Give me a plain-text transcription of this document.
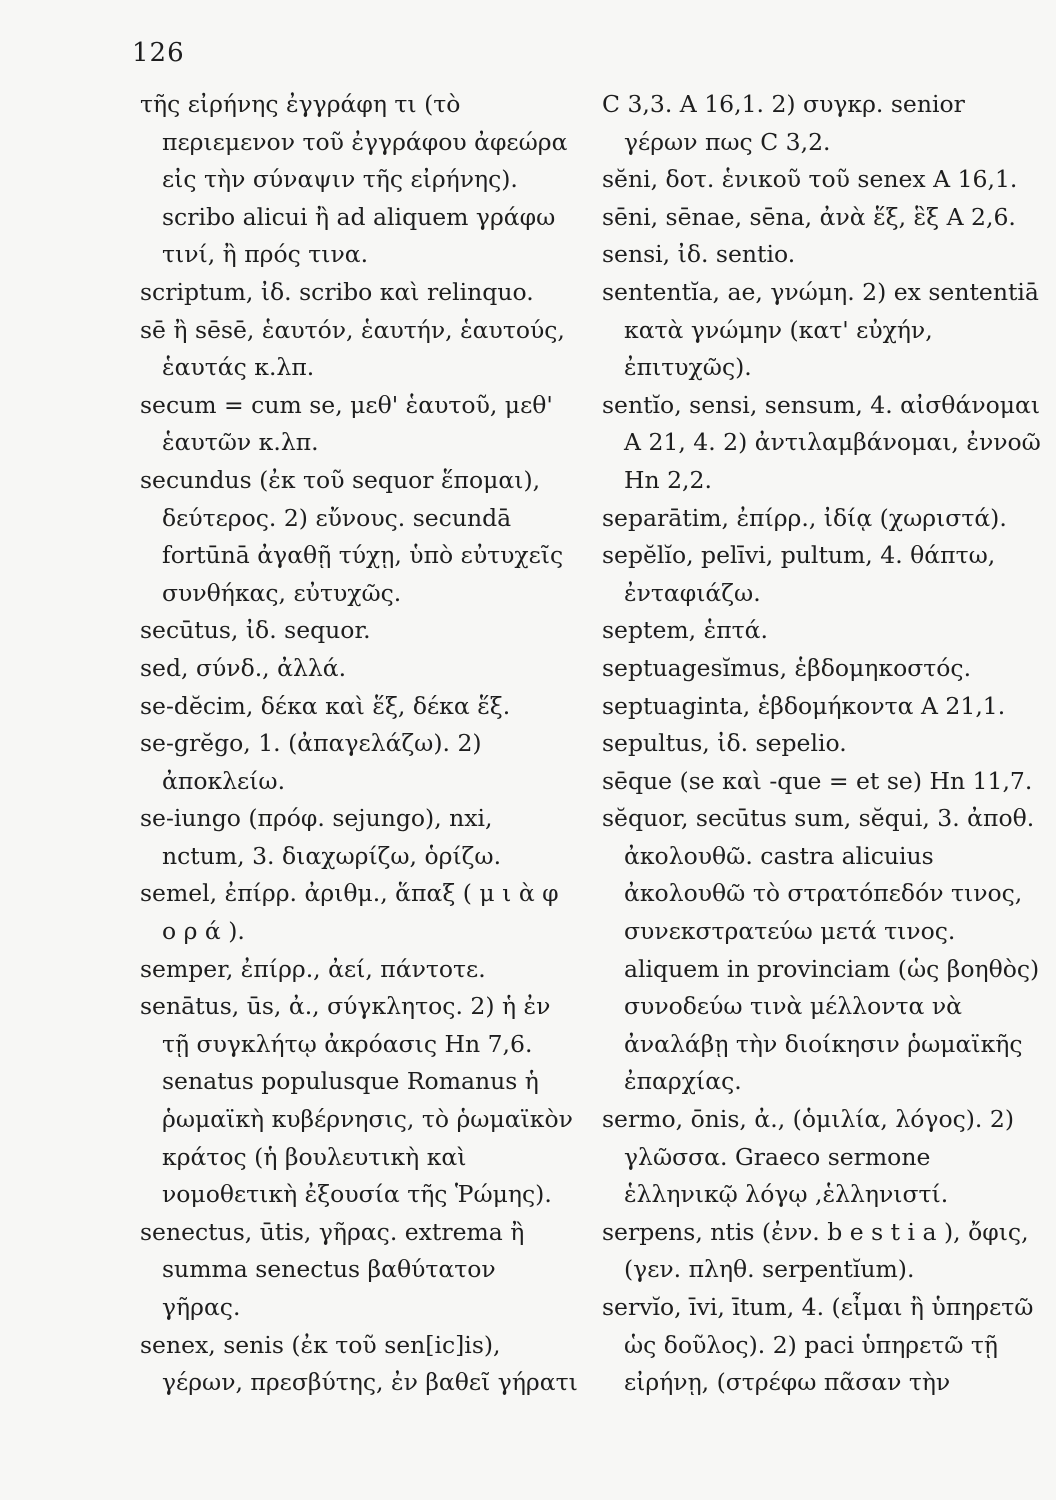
126

τῆς εἰρήνης ἐγγράφη τι (τὸ περιεμενον τοῦ ἐγγράφου ἀφεώρα εἰς τὴν σύναψιν τῆς εἰρήνης). scribo alicui ἢ ad aliquem γράφω τινί, ἢ πρός τινα.

scriptum, ἰδ. scribo καὶ relinquo.

sē ἢ sēsē, ἑαυτόν, ἑαυτήν, ἑαυτούς, ἑαυτάς κ.λπ.

secum = cum se, μεθ' ἑαυτοῦ, μεθ' ἑαυτῶν κ.λπ.

secundus (ἐκ τοῦ sequor ἕπομαι), δεύτερος. 2) εὔνους. secundā fortūnā ἀγαθῇ τύχῃ, ὑπὸ εὐτυχεῖς συνθήκας, εὐτυχῶς.

secūtus, ἰδ. sequor.

sed, σύνδ., ἀλλά.

se-dĕcim, δέκα καὶ ἕξ, δέκα ἕξ.

se-grĕgo, 1. (ἀπαγελάζω). 2) ἀποκλείω.

se-iungo (πρόφ. sejungo), nxi, nctum, 3. διαχωρίζω, ὁρίζω.

semel, ἐπίρρ. ἀριθμ., ἅπαξ ( μ ι ὰ φ ο ρ ά ).

semper, ἐπίρρ., ἀεί, πάντοτε.

senātus, ūs, ἀ., σύγκλητος. 2) ἡ ἐν τῇ συγκλήτῳ ἀκρόασις Hn 7,6. senatus populusque Romanus ἡ ῥωμαϊκὴ κυβέρνησις, τὸ ῥωμαϊκὸν κράτος (ἡ βουλευτικὴ καὶ νομοθετικὴ ἐξουσία τῆς Ῥώμης).

senectus, ūtis, γῆρας. extrema ἢ summa senectus βαθύτατον γῆρας.

senex, senis (ἐκ τοῦ sen[ic]is), γέρων, πρεσβύτης, ἐν βαθεῖ γήρατι

C 3,3. A 16,1. 2) συγκρ. senior γέρων πως C 3,2.

sĕni, δοτ. ἑνικοῦ τοῦ senex A 16,1.

sēni, sēnae, sēna, ἀνὰ ἕξ, ἓξ A 2,6.

sensi, ἰδ. sentio.

sententĭa, ae, γνώμη. 2) ex sententiā κατὰ γνώμην (κατ' εὐχήν, ἐπιτυχῶς).

sentĭo, sensi, sensum, 4. αἰσθάνομαι A 21, 4. 2) ἀντιλαμβάνομαι, ἐννοῶ Hn 2,2.

separātim, ἐπίρρ., ἰδίᾳ (χωριστά).

sepĕlĭo, pelīvi, pultum, 4. θάπτω, ἐνταφιάζω.

septem, ἑπτά.

septuagesĭmus, ἑβδομηκοστός.

septuaginta, ἑβδομήκοντα A 21,1.

sepultus, ἰδ. sepelio.

sēque (se καὶ -que = et se) Hn 11,7.

sĕquor, secūtus sum, sĕqui, 3. ἀποθ. ἀκολουθῶ. castra alicuius ἀκολουθῶ τὸ στρατόπεδόν τινος, συνεκστρατεύω μετά τινος. aliquem in provinciam (ὡς βοηθὸς) συνοδεύω τινὰ μέλλοντα νὰ ἀναλάβῃ τὴν διοίκησιν ῥωμαϊκῆς ἐπαρχίας.

sermo, ōnis, ἀ., (ὁμιλία, λόγος). 2) γλῶσσα. Graeco sermone ἑλληνικῷ λόγῳ ,ἑλληνιστί.

serpens, ntis (ἐνν. b e s t i a ), ὄφις, (γεν. πληθ. serpentĭum).

servĭo, īvi, ītum, 4. (εἶμαι ἢ ὑπηρετῶ ὡς δοῦλος). 2) paci ὑπηρετῶ τῇ εἰρήνῃ, (στρέφω πᾶσαν τὴν
